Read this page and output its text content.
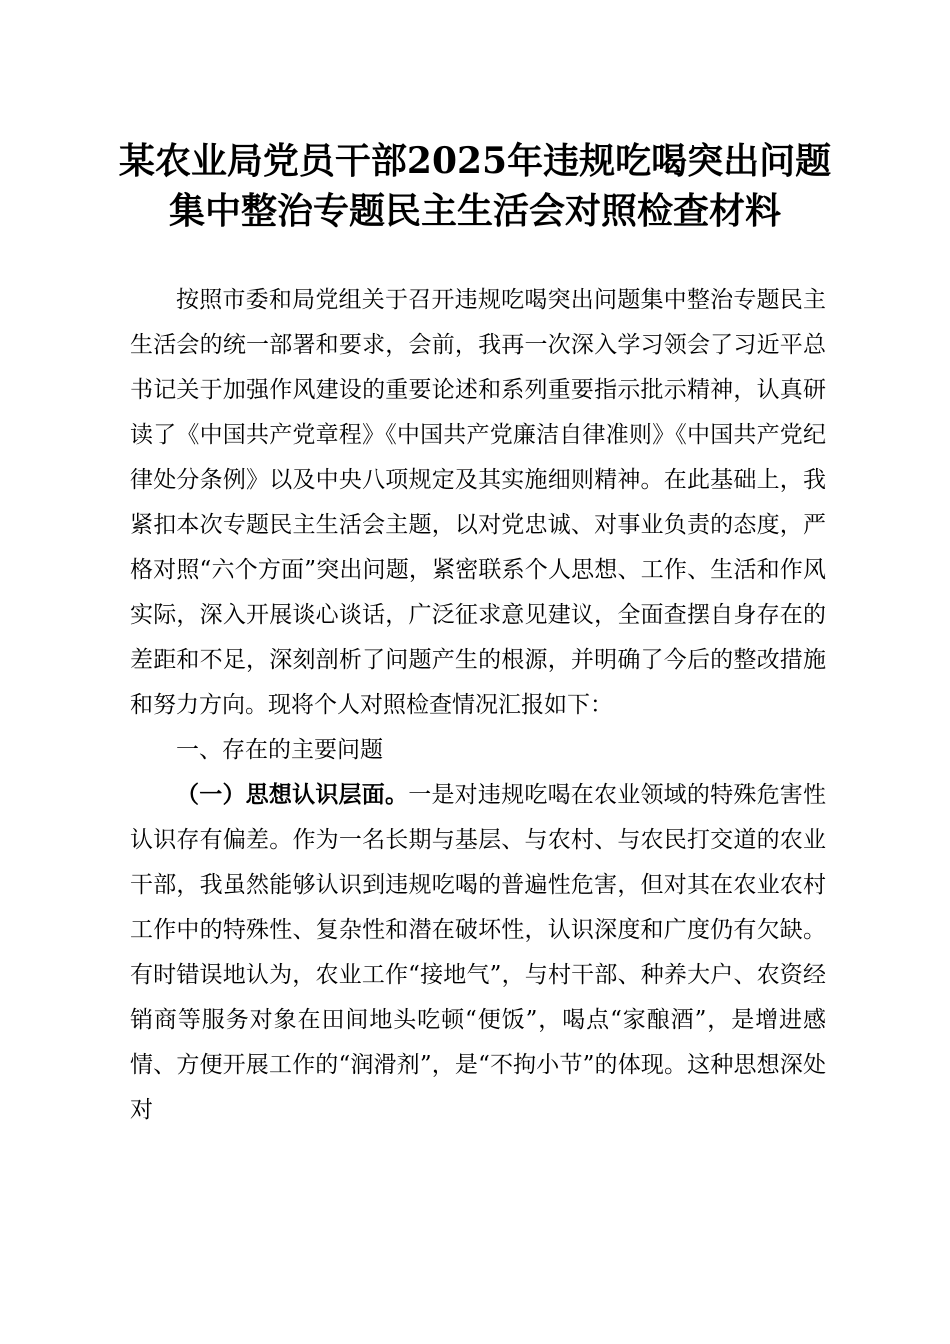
某农业局党员干部2025年违规吃喝突出问题
集中整治专题民主生活会对照检查材料

按照市委和局党组关于召开违规吃喝突出问题集中整治专题民主生活会的统一部署和要求，会前，我再一次深入学习领会了习近平总书记关于加强作风建设的重要论述和系列重要指示批示精神，认真研读了《中国共产党章程》《中国共产党廉洁自律准则》《中国共产党纪律处分条例》以及中央八项规定及其实施细则精神。在此基础上，我紧扣本次专题民主生活会主题，以对党忠诚、对事业负责的态度，严格对照“六个方面”突出问题，紧密联系个人思想、工作、生活和作风实际，深入开展谈心谈话，广泛征求意见建议，全面查摆自身存在的差距和不足，深刻剖析了问题产生的根源，并明确了今后的整改措施和努力方向。现将个人对照检查情况汇报如下：

一、存在的主要问题

（一）思想认识层面。一是对违规吃喝在农业领域的特殊危害性认识存有偏差。作为一名长期与基层、与农村、与农民打交道的农业干部，我虽然能够认识到违规吃喝的普遍性危害，但对其在农业农村工作中的特殊性、复杂性和潜在破坏性，认识深度和广度仍有欠缺。有时错误地认为，农业工作“接地气”，与村干部、种养大户、农资经销商等服务对象在田间地头吃顿“便饭”，喝点“家酿酒”，是增进感情、方便开展工作的“润滑剂”，是“不拘小节”的体现。这种思想深处对
